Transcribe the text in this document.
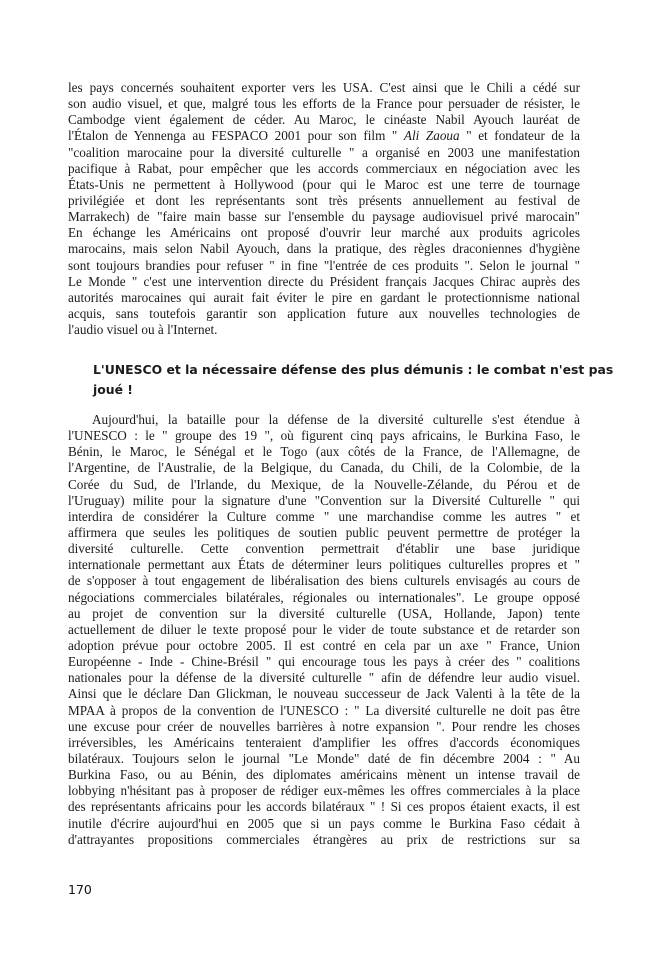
les pays concernés souhaitent exporter vers les USA. C'est ainsi que le Chili a cédé sur
son audio visuel, et que, malgré tous les efforts de la France pour persuader de résister, le
Cambodge vient également de céder. Au Maroc, le cinéaste Nabil Ayouch lauréat de
l'Étalon de Yennenga au FESPACO 2001 pour son film " Ali Zaoua " et fondateur de la
"coalition marocaine pour la diversité culturelle " a organisé en 2003 une manifestation
pacifique à Rabat, pour empêcher que les accords commerciaux en négociation avec les
États-Unis ne permettent à Hollywood (pour qui le Maroc est une terre de tournage
privilégiée et dont les représentants sont très présents annuellement au festival de
Marrakech) de "faire main basse sur l'ensemble du paysage audiovisuel privé marocain"
En échange les Américains ont proposé d'ouvrir leur marché aux produits agricoles
marocains, mais selon Nabil Ayouch, dans la pratique, des règles draconiennes d'hygiène
sont toujours brandies pour refuser " in fine "l'entrée de ces produits ". Selon le journal "
Le Monde " c'est une intervention directe du Président français Jacques Chirac auprès des
autorités marocaines qui aurait fait éviter le pire en gardant le protectionnisme national
acquis, sans toutefois garantir son application future aux nouvelles technologies de
l'audio visuel ou à l'Internet.
L'UNESCO et la nécessaire défense des plus démunis : le combat n'est pas
joué !
Aujourd'hui, la bataille pour la défense de la diversité culturelle s'est étendue à
l'UNESCO : le " groupe des 19 ", où figurent cinq pays africains, le Burkina Faso, le
Bénin, le Maroc, le Sénégal et le Togo (aux côtés de la France, de l'Allemagne, de
l'Argentine, de l'Australie, de la Belgique, du Canada, du Chili, de la Colombie, de la
Corée du Sud, de l'Irlande, du Mexique, de la Nouvelle-Zélande, du Pérou et de
l'Uruguay) milite pour la signature d'une "Convention sur la Diversité Culturelle " qui
interdira de considérer la Culture comme " une marchandise comme les autres " et
affirmera que seules les politiques de soutien public peuvent permettre de protéger la
diversité culturelle. Cette convention permettrait d'établir une base juridique
internationale permettant aux États de déterminer leurs politiques culturelles propres et "
de s'opposer à tout engagement de libéralisation des biens culturels envisagés au cours de
négociations commerciales bilatérales, régionales ou internationales". Le groupe opposé
au projet de convention sur la diversité culturelle (USA, Hollande, Japon) tente
actuellement de diluer le texte proposé pour le vider de toute substance et de retarder son
adoption prévue pour octobre 2005. Il est contré en cela par un axe " France, Union
Européenne - Inde - Chine-Brésil " qui encourage tous les pays à créer des " coalitions
nationales pour la défense de la diversité culturelle " afin de défendre leur audio visuel.
Ainsi que le déclare Dan Glickman, le nouveau successeur de Jack Valenti à la tête de la
MPAA à propos de la convention de l'UNESCO : " La diversité culturelle ne doit pas être
une excuse pour créer de nouvelles barrières à notre expansion ". Pour rendre les choses
irréversibles, les Américains tenteraient d'amplifier les offres d'accords économiques
bilatéraux. Toujours selon le journal "Le Monde" daté de fin décembre 2004 : " Au
Burkina Faso, ou au Bénin, des diplomates américains mènent un intense travail de
lobbying n'hésitant pas à proposer de rédiger eux-mêmes les offres commerciales à la place
des représentants africains pour les accords bilatéraux " ! Si ces propos étaient exacts, il est
inutile d'écrire aujourd'hui en 2005 que si un pays comme le Burkina Faso cédait à
d'attrayantes propositions commerciales étrangères au prix de restrictions sur sa
170
